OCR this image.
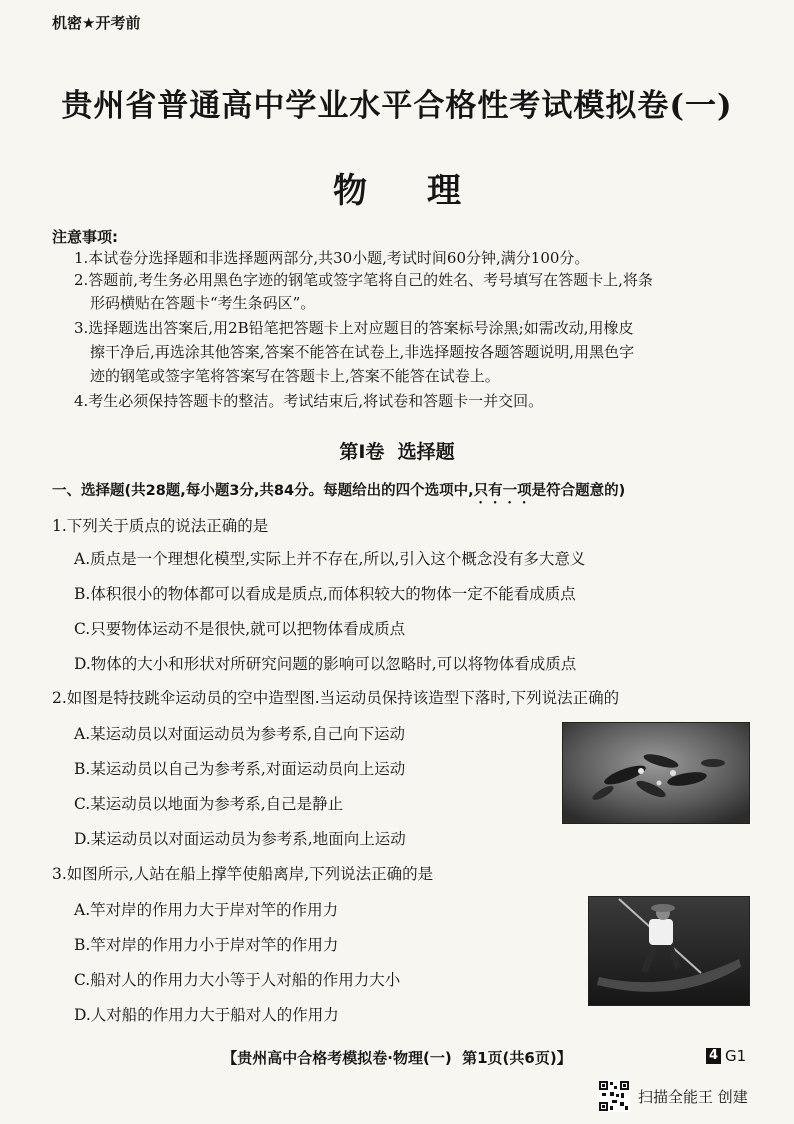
机密★开考前
贵州省普通高中学业水平合格性考试模拟卷(一)
物理
注意事项:
1.本试卷分选择题和非选择题两部分,共30小题,考试时间60分钟,满分100分。
2.答题前,考生务必用黑色字迹的钢笔或签字笔将自己的姓名、考号填写在答题卡上,将条
形码横贴在答题卡“考生条码区”。
3.选择题选出答案后,用2B铅笔把答题卡上对应题目的答案标号涂黑;如需改动,用橡皮
擦干净后,再选涂其他答案,答案不能答在试卷上,非选择题按各题答题说明,用黑色字
迹的钢笔或签字笔将答案写在答题卡上,答案不能答在试卷上。
4.考生必须保持答题卡的整洁。考试结束后,将试卷和答题卡一并交回。
第Ⅰ卷  选择题
一、选择题(共28题,每小题3分,共84分。每题给出的四个选项中,只有一项是符合题意的)
1.下列关于质点的说法正确的是
A.质点是一个理想化模型,实际上并不存在,所以,引入这个概念没有多大意义
B.体积很小的物体都可以看成是质点,而体积较大的物体一定不能看成质点
C.只要物体运动不是很快,就可以把物体看成质点
D.物体的大小和形状对所研究问题的影响可以忽略时,可以将物体看成质点
2.如图是特技跳伞运动员的空中造型图.当运动员保持该造型下落时,下列说法正确的
A.某运动员以对面运动员为参考系,自己向下运动
B.某运动员以自己为参考系,对面运动员向上运动
C.某运动员以地面为参考系,自己是静止
D.某运动员以对面运动员为参考系,地面向上运动
3.如图所示,人站在船上撑竿使船离岸,下列说法正确的是
A.竿对岸的作用力大于岸对竿的作用力
B.竿对岸的作用力小于岸对竿的作用力
C.船对人的作用力大小等于人对船的作用力大小
D.人对船的作用力大于船对人的作用力
【贵州高中合格考模拟卷·物理(一)  第1页(共6页)】	4 G1
扫描全能王 创建
